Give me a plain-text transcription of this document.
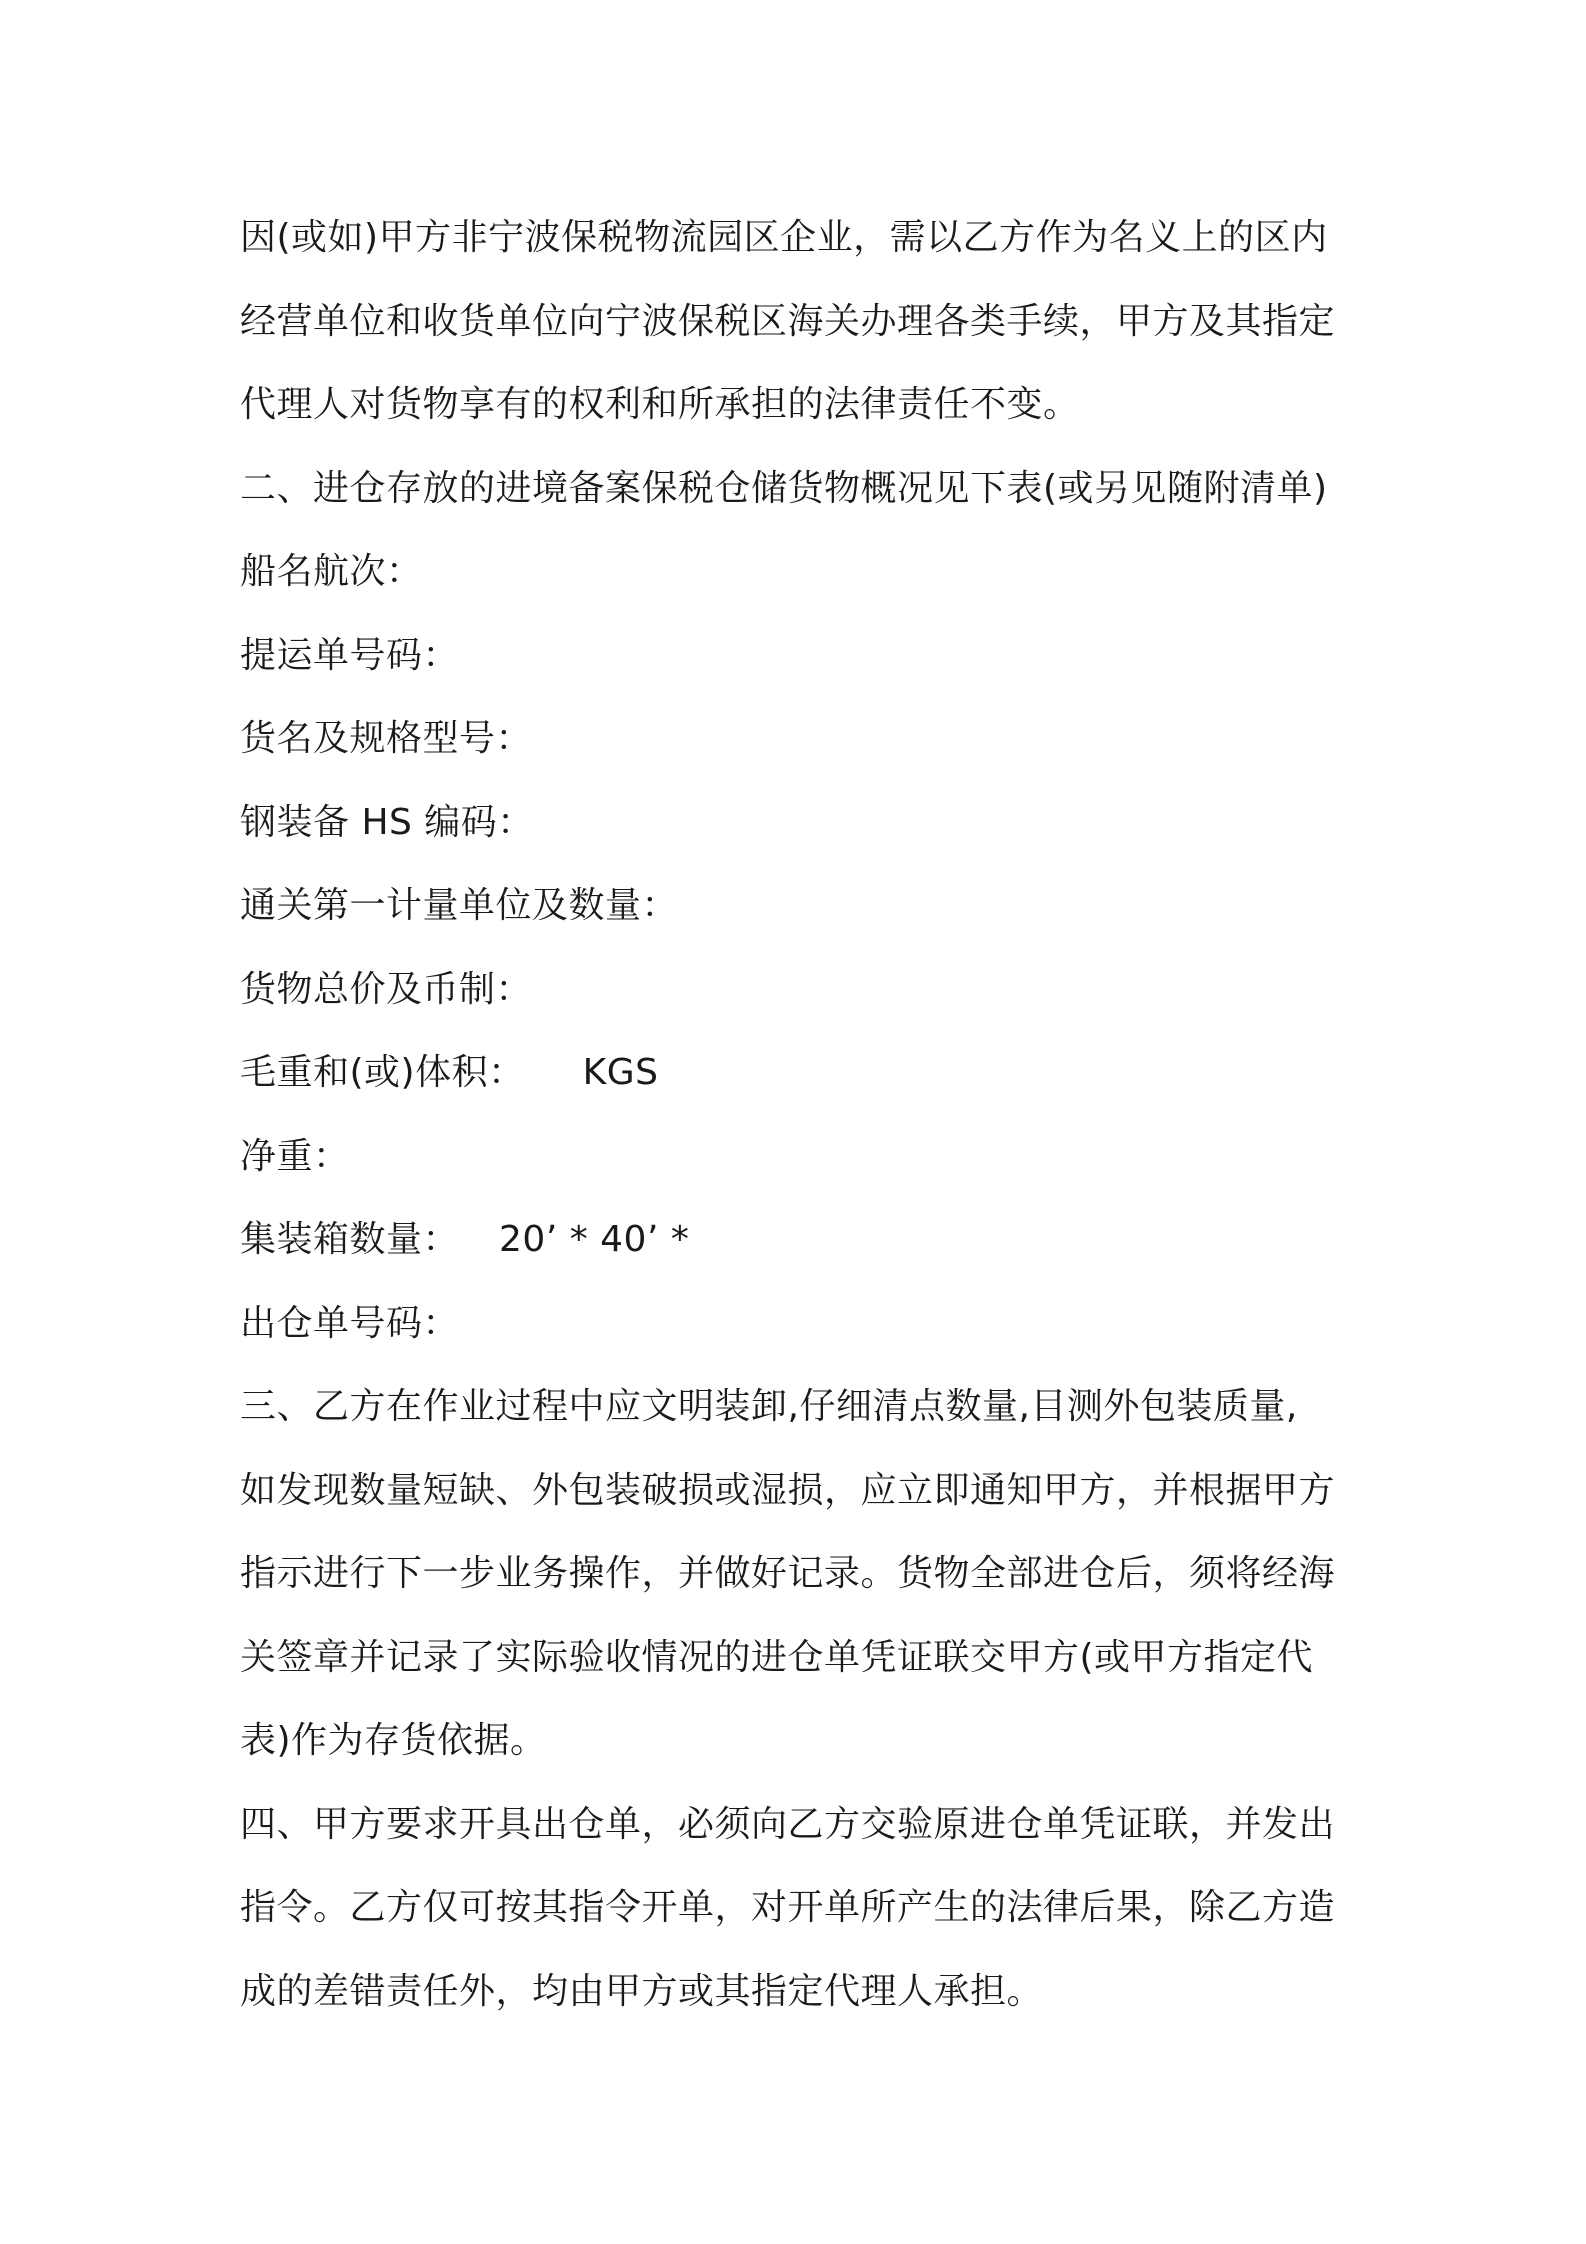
因(或如)甲方非宁波保税物流园区企业，需以乙方作为名义上的区内
经营单位和收货单位向宁波保税区海关办理各类手续，甲方及其指定
代理人对货物享有的权利和所承担的法律责任不变。
二、进仓存放的进境备案保税仓储货物概况见下表(或另见随附清单)
船名航次：
提运单号码：
货名及规格型号：
钢装备 HS 编码：
通关第一计量单位及数量：
货物总价及币制：
毛重和(或)体积： KGS
净重：
集装箱数量： 20’ * 40’ *
出仓单号码：
三、乙方在作业过程中应文明装卸,仔细清点数量,目测外包装质量,
如发现数量短缺、外包装破损或湿损，应立即通知甲方，并根据甲方
指示进行下一步业务操作，并做好记录。货物全部进仓后，须将经海
关签章并记录了实际验收情况的进仓单凭证联交甲方(或甲方指定代
表)作为存货依据。
四、甲方要求开具出仓单，必须向乙方交验原进仓单凭证联，并发出
指令。乙方仅可按其指令开单，对开单所产生的法律后果，除乙方造
成的差错责任外，均由甲方或其指定代理人承担。
